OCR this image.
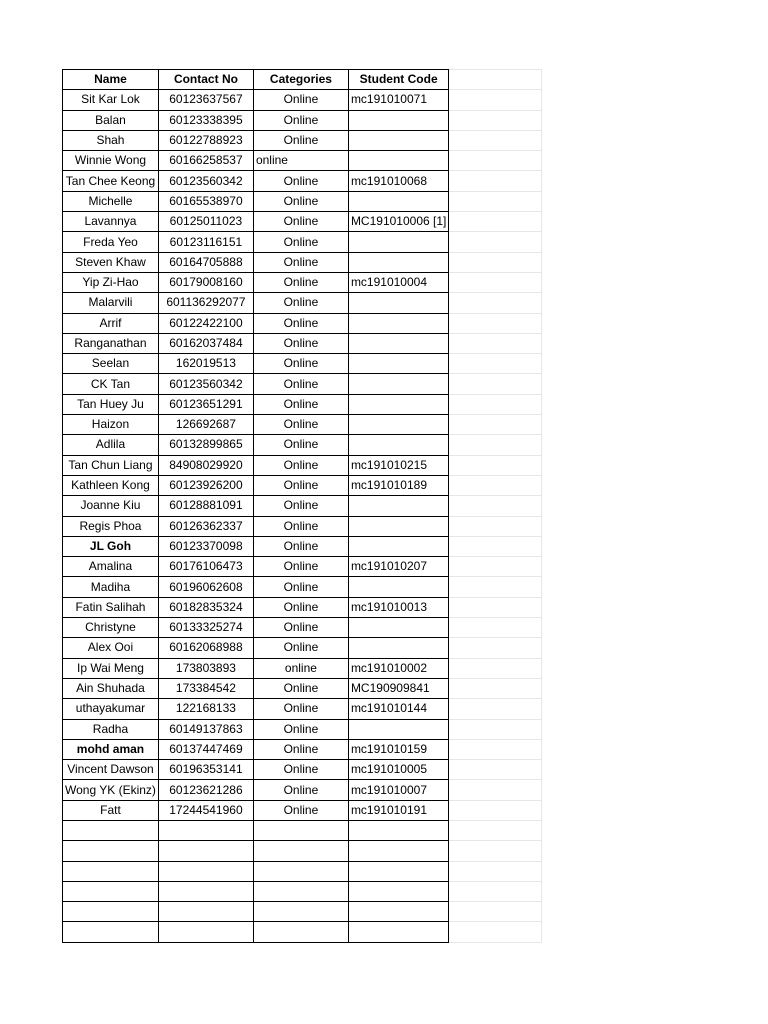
Name	Contact No	Categories	Student Code	
Sit Kar Lok	60123637567	Online	mc191010071	
Balan	60123338395	Online		
Shah	60122788923	Online		
Winnie Wong	60166258537	online		
Tan Chee Keong	60123560342	Online	mc191010068	
Michelle	60165538970	Online		
Lavannya	60125011023	Online	MC191010006 [1]	
Freda Yeo	60123116151	Online		
Steven Khaw	60164705888	Online		
Yip Zi-Hao	60179008160	Online	mc191010004	
Malarvili	601136292077	Online		
Arrif	60122422100	Online		
Ranganathan	60162037484	Online		
Seelan	162019513	Online		
CK Tan	60123560342	Online		
Tan Huey Ju	60123651291	Online		
Haizon	126692687	Online		
Adlila	60132899865	Online		
Tan Chun Liang	84908029920	Online	mc191010215	
Kathleen Kong	60123926200	Online	mc191010189	
Joanne Kiu	60128881091	Online		
Regis Phoa	60126362337	Online		
JL Goh	60123370098	Online		
Amalina	60176106473	Online	mc191010207	
Madiha	60196062608	Online		
Fatin Salihah	60182835324	Online	mc191010013	
Christyne	60133325274	Online		
Alex Ooi	60162068988	Online		
Ip Wai Meng	173803893	online	mc191010002	
Ain Shuhada	173384542	Online	MC190909841	
uthayakumar	122168133	Online	mc191010144	
Radha	60149137863	Online		
mohd aman	60137447469	Online	mc191010159	
Vincent Dawson	60196353141	Online	mc191010005	
Wong YK (Ekinz)	60123621286	Online	mc191010007	
Fatt	17244541960	Online	mc191010191	
